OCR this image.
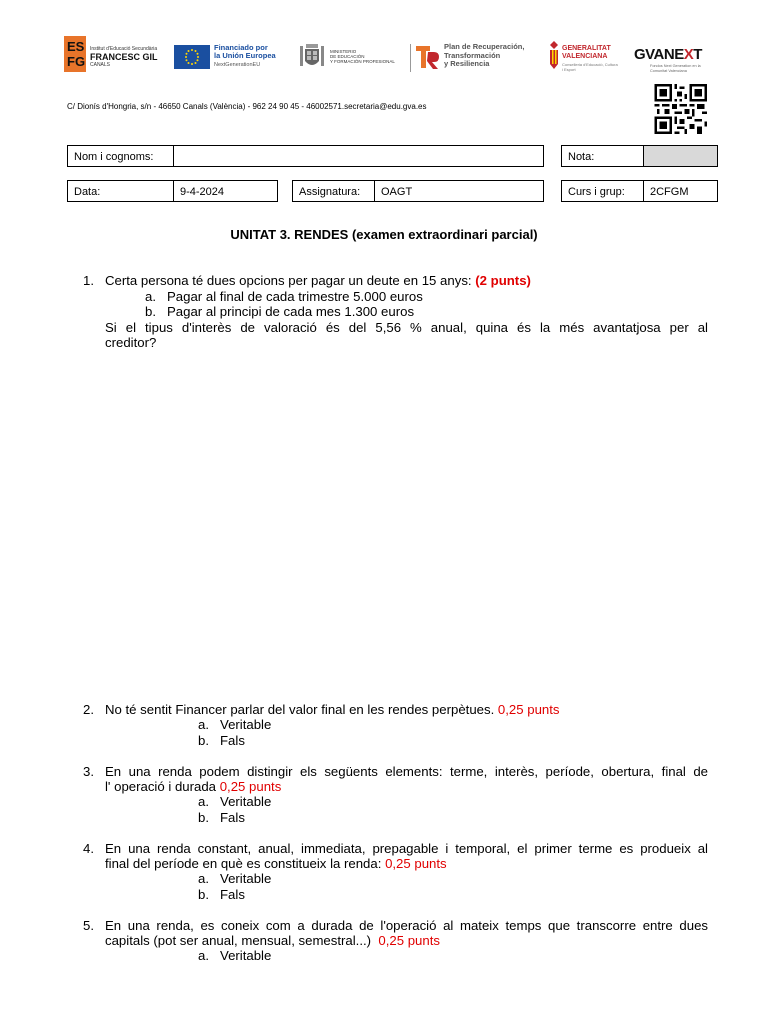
ES
FG
Institut d'Educació Secundària
FRANCESC GIL
CANALS
Financiado por
la Unión Europea
NextGenerationEU
MINISTERIO
DE EDUCACIÓN
Y FORMACIÓN PROFESIONAL
Plan de Recuperación,
Transformación
y Resiliencia
GENERALITAT
VALENCIANA
Conselleria d'Educació, Cultura i Esport
GVANEXT
Fondos Next Generation en la Comunitat Valenciana
C/ Dionís d'Hongria, s/n - 46650 Canals (València) - 962 24 90 45 - 46002571.secretaria@edu.gva.es
Nom i cognoms:	Nota:
Data:	9-4-2024	Assignatura:	OAGT	Curs i grup:	2CFGM
UNITAT 3. RENDES (examen extraordinari parcial)
1. Certa persona té dues opcions per pagar un deute en 15 anys: (2 punts)
a. Pagar al final de cada trimestre 5.000 euros
b. Pagar al principi de cada mes 1.300 euros
Si el tipus d'interès de valoració és del 5,56 % anual, quina és la més avantatjosa per al
creditor?
2. No té sentit Financer parlar del valor final en les rendes perpètues. 0,25 punts
a. Veritable
b. Fals
3. En una renda podem distingir els següents elements: terme, interès, període, obertura, final de
l' operació i durada 0,25 punts
a. Veritable
b. Fals
4. En una renda constant, anual, immediata, prepagable i temporal, el primer terme es produeix al
final del període en què es constitueix la renda: 0,25 punts
a. Veritable
b. Fals
5. En una renda, es coneix com a durada de l'operació al mateix temps que transcorre entre dues
capitals (pot ser anual, mensual, semestral...) 0,25 punts
a. Veritable
